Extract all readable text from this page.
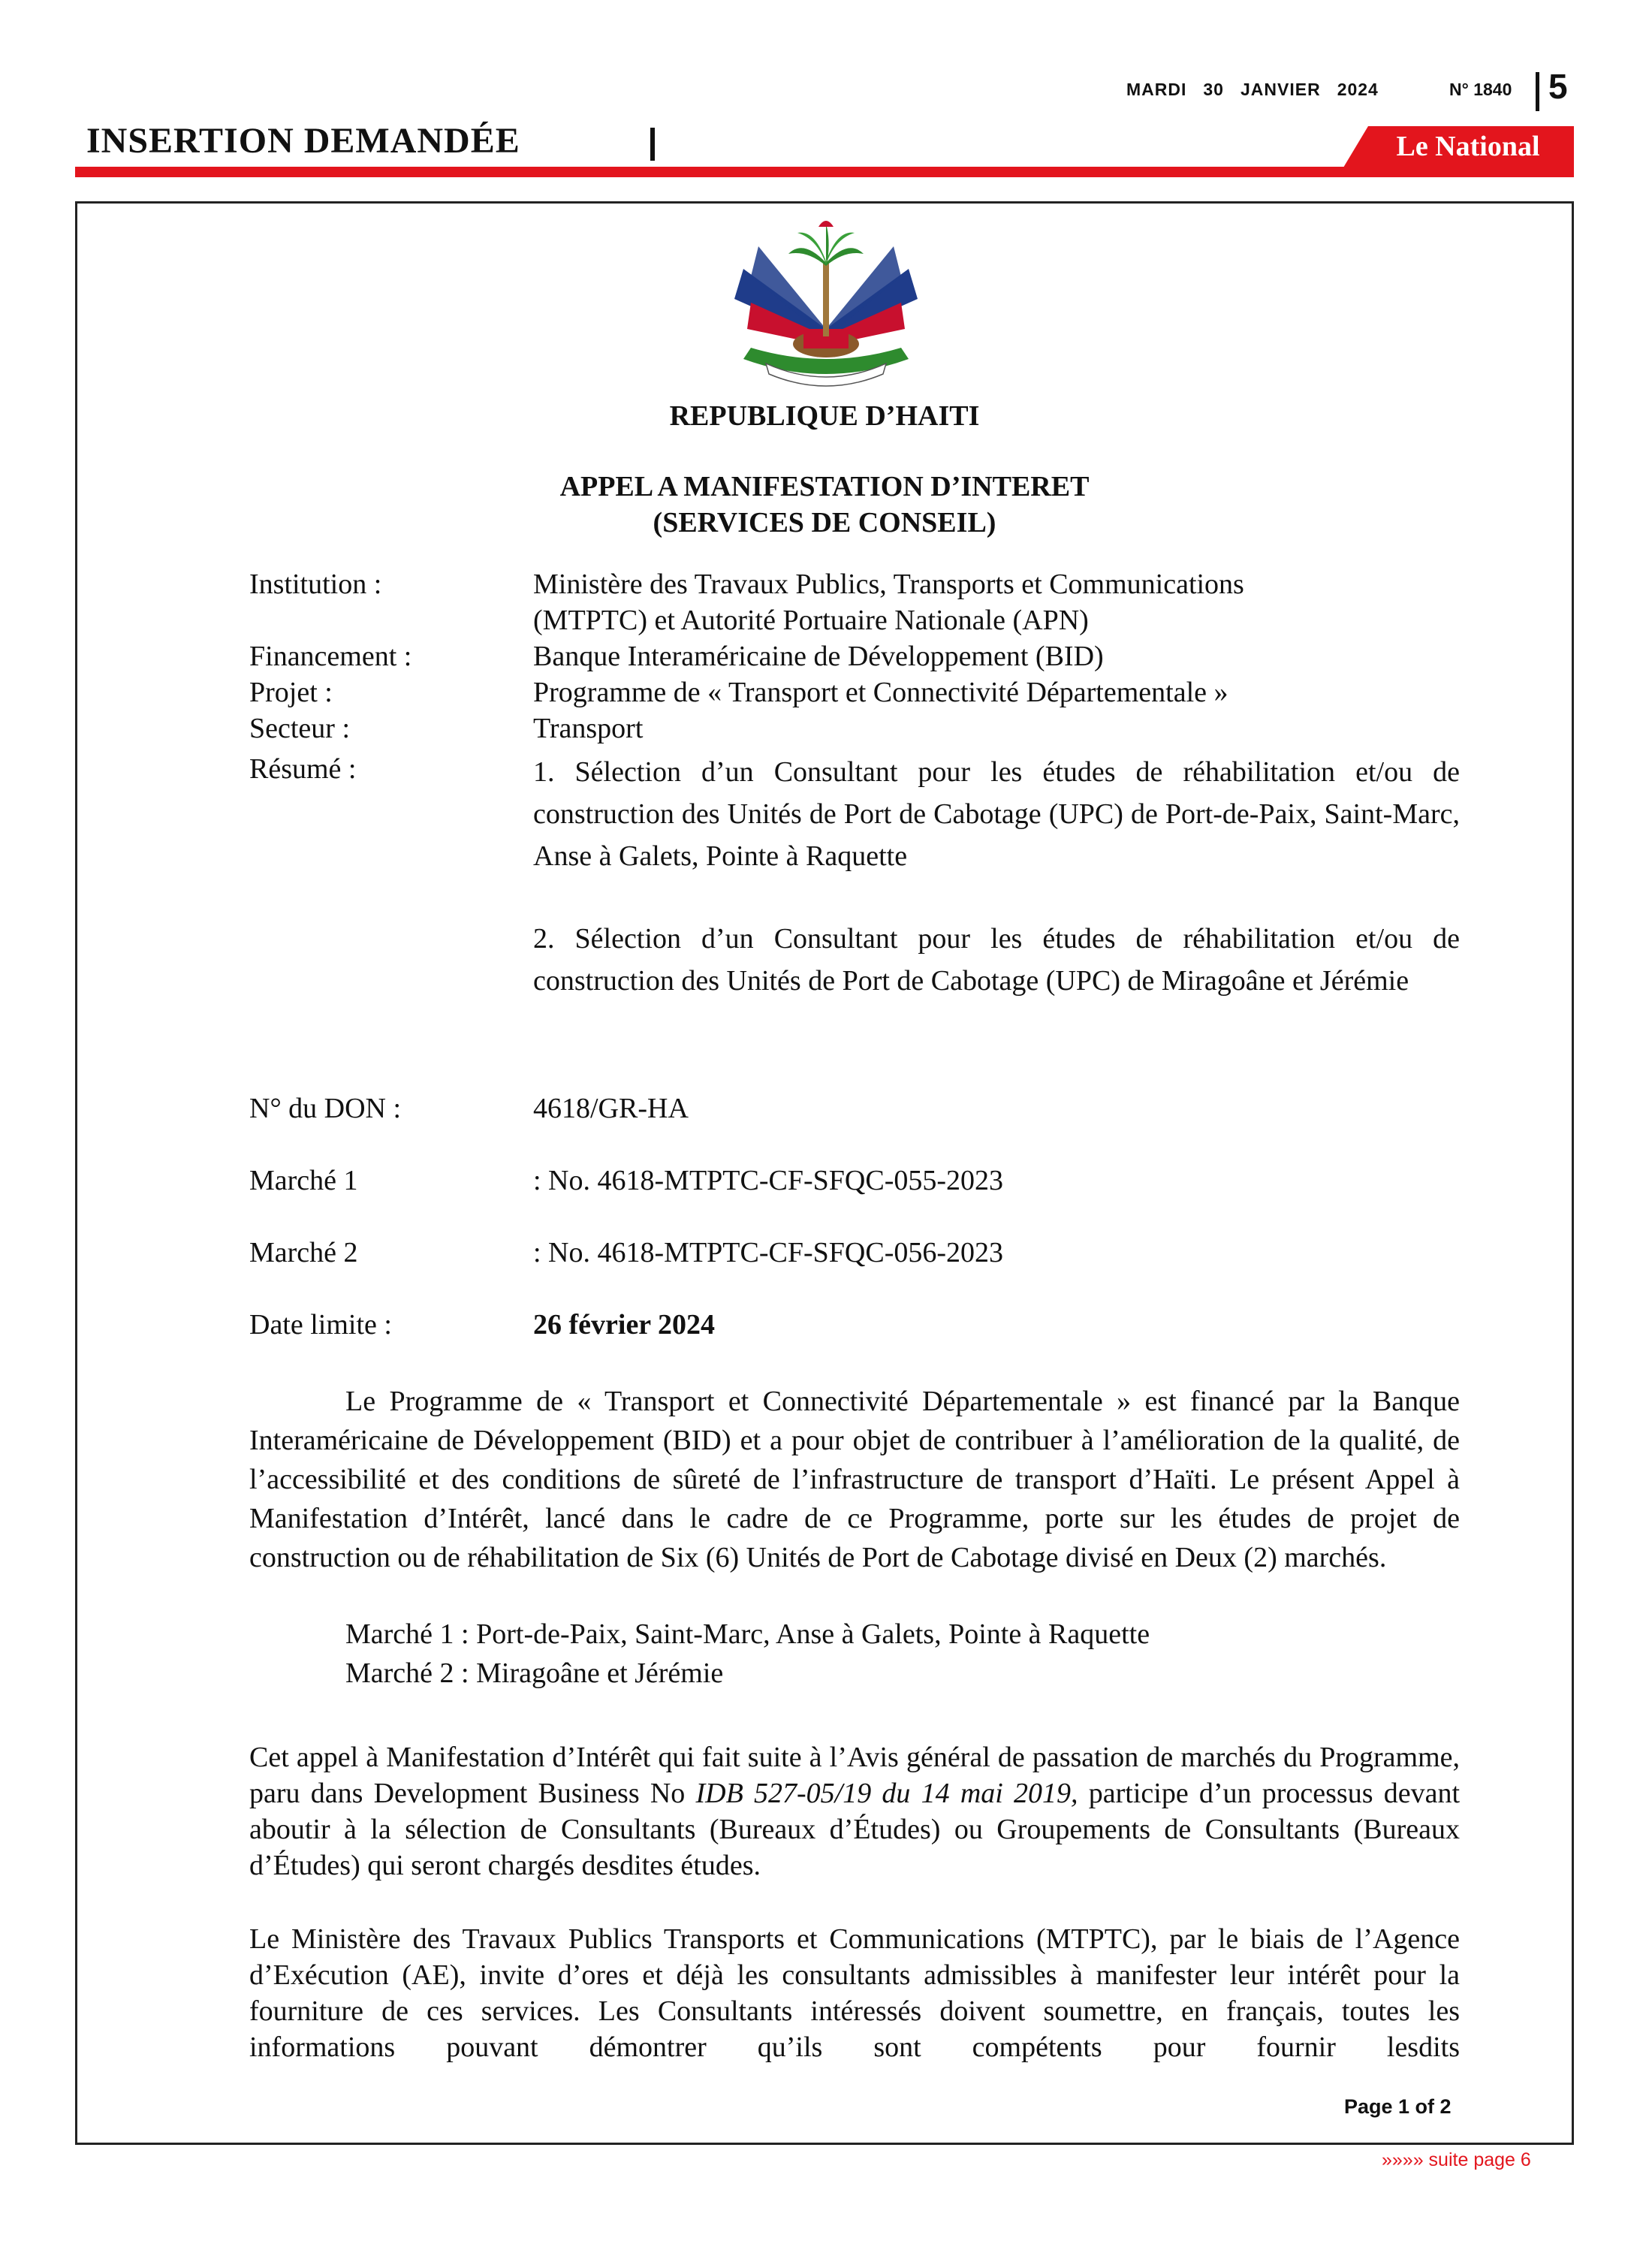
MARDI 30 JANVIER 2024	N° 1840 5
INSERTION DEMANDÉE	Le National
REPUBLIQUE D’HAITI
APPEL A MANIFESTATION D’INTERET
(SERVICES DE CONSEIL)
Institution :	Ministère des Travaux Publics, Transports et Communications
(MTPTC) et Autorité Portuaire Nationale (APN)
Financement :	Banque Interaméricaine de Développement (BID)
Projet :	Programme de « Transport et Connectivité Départementale »
Secteur :	Transport
Résumé :	1. Sélection d’un Consultant pour les études de réhabilitation et/ou de construction des Unités de Port de Cabotage (UPC) de Port-de-Paix, Saint-Marc, Anse à Galets, Pointe à Raquette
2. Sélection d’un Consultant pour les études de réhabilitation et/ou de construction des Unités de Port de Cabotage (UPC) de Miragoâne et Jérémie
N° du DON :	4618/GR-HA
Marché 1	: No. 4618-MTPTC-CF-SFQC-055-2023
Marché 2	: No. 4618-MTPTC-CF-SFQC-056-2023
Date limite :	26 février 2024
Le Programme de « Transport et Connectivité Départementale » est financé par la Banque Interaméricaine de Développement (BID) et a pour objet de contribuer à l’amélioration de la qualité, de l’accessibilité et des conditions de sûreté de l’infrastructure de transport d’Haïti. Le présent Appel à Manifestation d’Intérêt, lancé dans le cadre de ce Programme, porte sur les études de projet de construction ou de réhabilitation de Six (6) Unités de Port de Cabotage divisé en Deux (2) marchés.
Marché 1 : Port-de-Paix, Saint-Marc, Anse à Galets, Pointe à Raquette
Marché 2 : Miragoâne et Jérémie
Cet appel à Manifestation d’Intérêt qui fait suite à l’Avis général de passation de marchés du Programme, paru dans Development Business No IDB 527-05/19 du 14 mai 2019, participe d’un processus devant aboutir à la sélection de Consultants (Bureaux d’Études) ou Groupements de Consultants (Bureaux d’Études) qui seront chargés desdites études.
Le Ministère des Travaux Publics Transports et Communications (MTPTC), par le biais de l’Agence d’Exécution (AE), invite d’ores et déjà les consultants admissibles à manifester leur intérêt pour la fourniture de ces services. Les Consultants intéressés doivent soumettre, en français, toutes les informations pouvant démontrer qu’ils sont compétents pour fournir lesdits
Page 1 of 2
»»»» suite page 6
